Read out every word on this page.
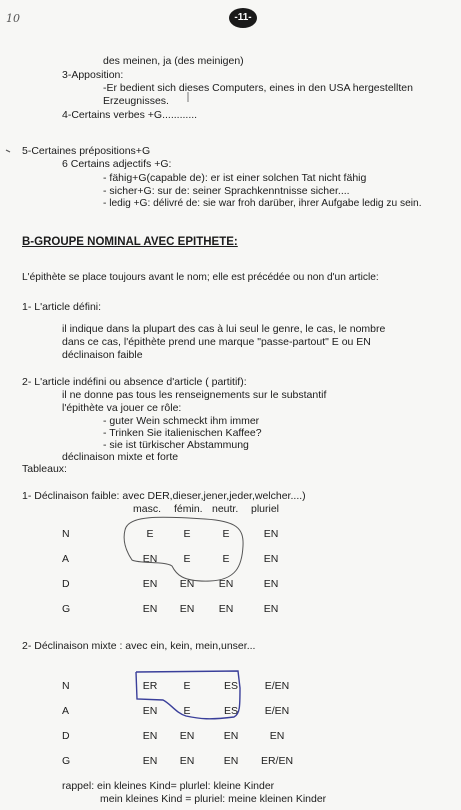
10	-11-
des meinen, ja (des meinigen)
3-Apposition:
-Er bedient sich dieses Computers, eines in den USA hergestellten
Erzeugnisses.
4-Certains verbes +G............
5-Certaines prépositions+G
6 Certains adjectifs +G:
- fähig+G(capable de): er ist einer solchen Tat nicht fähig
- sicher+G: sur de: seiner Sprachkenntnisse sicher....
- ledig +G: délivré de: sie war froh darüber, ihrer Aufgabe ledig zu sein.
B-GROUPE NOMINAL AVEC EPITHETE:
L'épithète se place toujours avant le nom; elle est précédée ou non d'un article:
1- L'article défini:
il indique dans la plupart des cas à lui seul le genre, le cas, le nombre
dans ce cas, l'épithète prend une marque "passe-partout" E ou EN
déclinaison faible
2- L'article indéfini ou absence d'article ( partitif):
il ne donne pas tous les renseignements sur le substantif
l'épithète va jouer ce rôle:
- guter Wein schmeckt ihm immer
- Trinken Sie italienischen Kaffee?
- sie ist türkischer Abstammung
déclinaison mixte et forte
Tableaux:
1- Déclinaison faible: avec DER,dieser,jener,jeder,welcher....)
masc. fémin. neutr. pluriel
N	E	E	E	EN
A	EN	E	E	EN
D	EN	EN	EN	EN
G	EN	EN	EN	EN
2- Déclinaison mixte : avec ein, kein, mein,unser...
N	ER	E	ES	E/EN
A	EN	E	ES	E/EN
D	EN	EN	EN	EN
G	EN	EN	EN	ER/EN
rappel: ein kleines Kind= plurlel: kleine Kinder
mein kleines Kind = pluriel: meine kleinen Kinder
